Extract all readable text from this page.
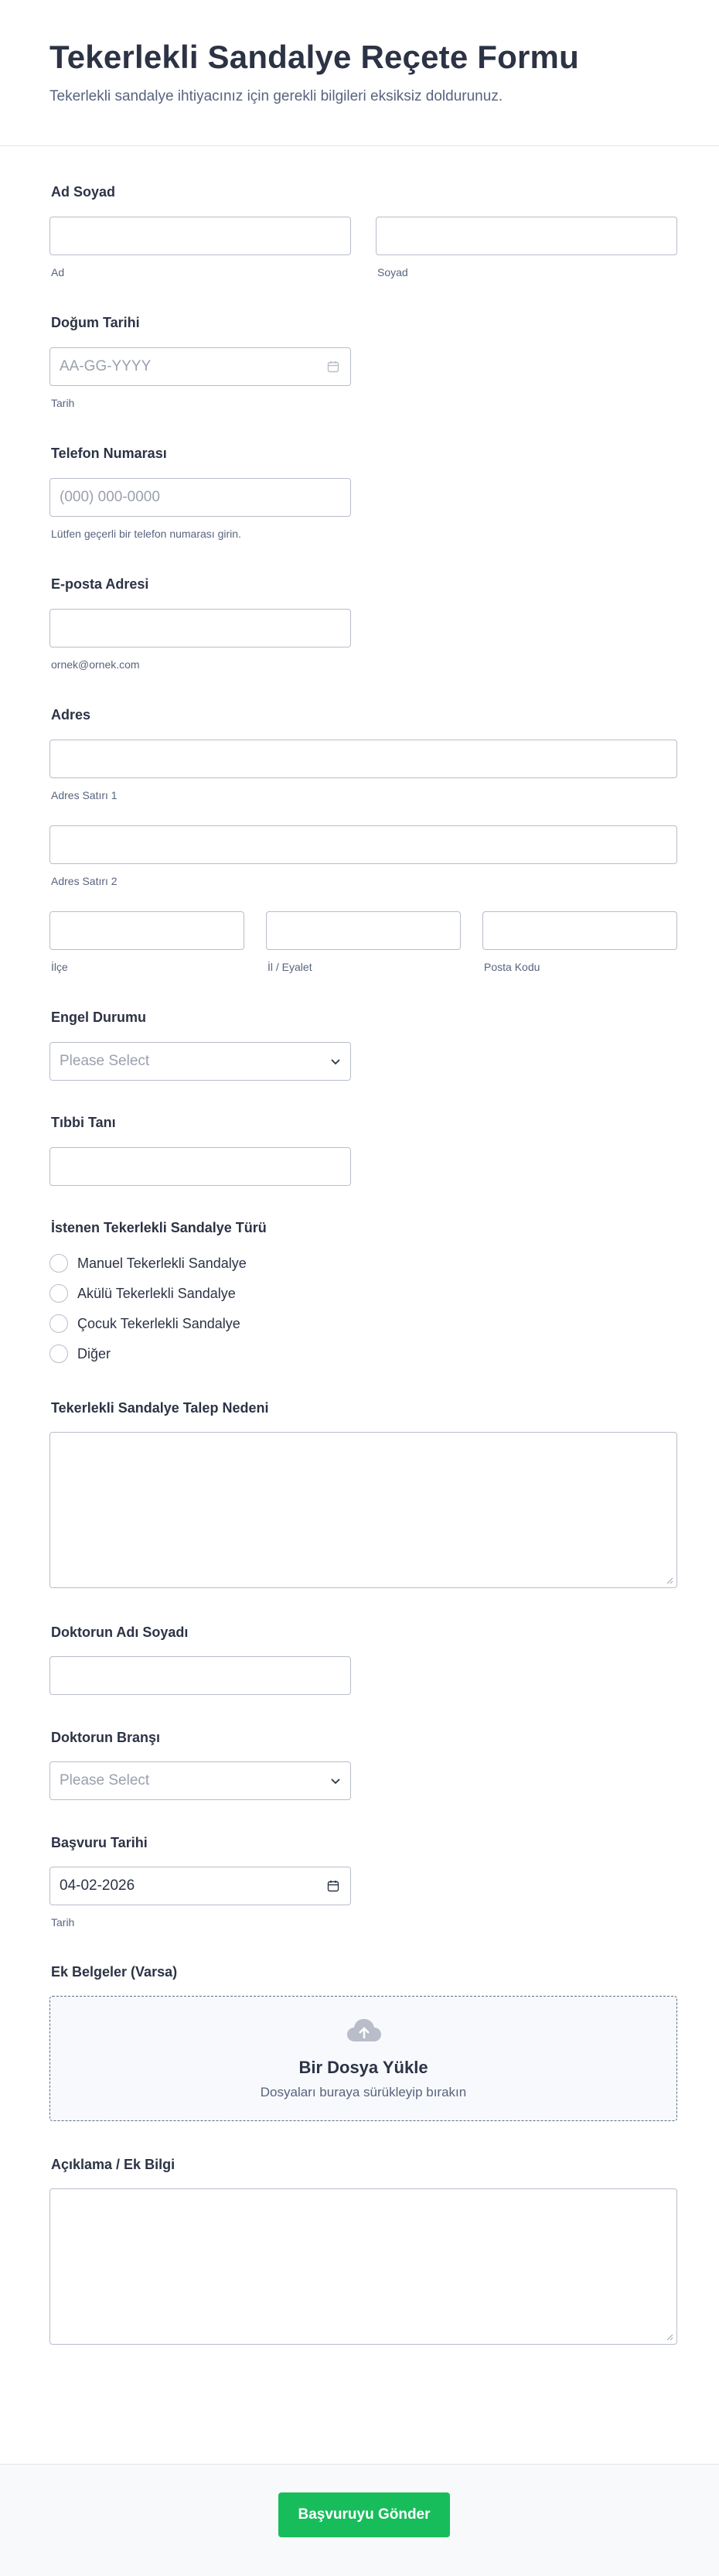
Tekerlekli Sandalye Reçete Formu
Tekerlekli sandalye ihtiyacınız için gerekli bilgileri eksiksiz doldurunuz.
Ad Soyad
Ad	Soyad
Doğum Tarihi
AA-GG-YYYY
Tarih
Telefon Numarası
(000) 000-0000
Lütfen geçerli bir telefon numarası girin.
E-posta Adresi
ornek@ornek.com
Adres
Adres Satırı 1
Adres Satırı 2
İlçe	İl / Eyalet	Posta Kodu
Engel Durumu
Please Select
Tıbbi Tanı
İstenen Tekerlekli Sandalye Türü
Manuel Tekerlekli Sandalye
Akülü Tekerlekli Sandalye
Çocuk Tekerlekli Sandalye
Diğer
Tekerlekli Sandalye Talep Nedeni
Doktorun Adı Soyadı
Doktorun Branşı
Please Select
Başvuru Tarihi
04-02-2026
Tarih
Ek Belgeler (Varsa)
Bir Dosya Yükle
Dosyaları buraya sürükleyip bırakın
Açıklama / Ek Bilgi
Başvuruyu Gönder
